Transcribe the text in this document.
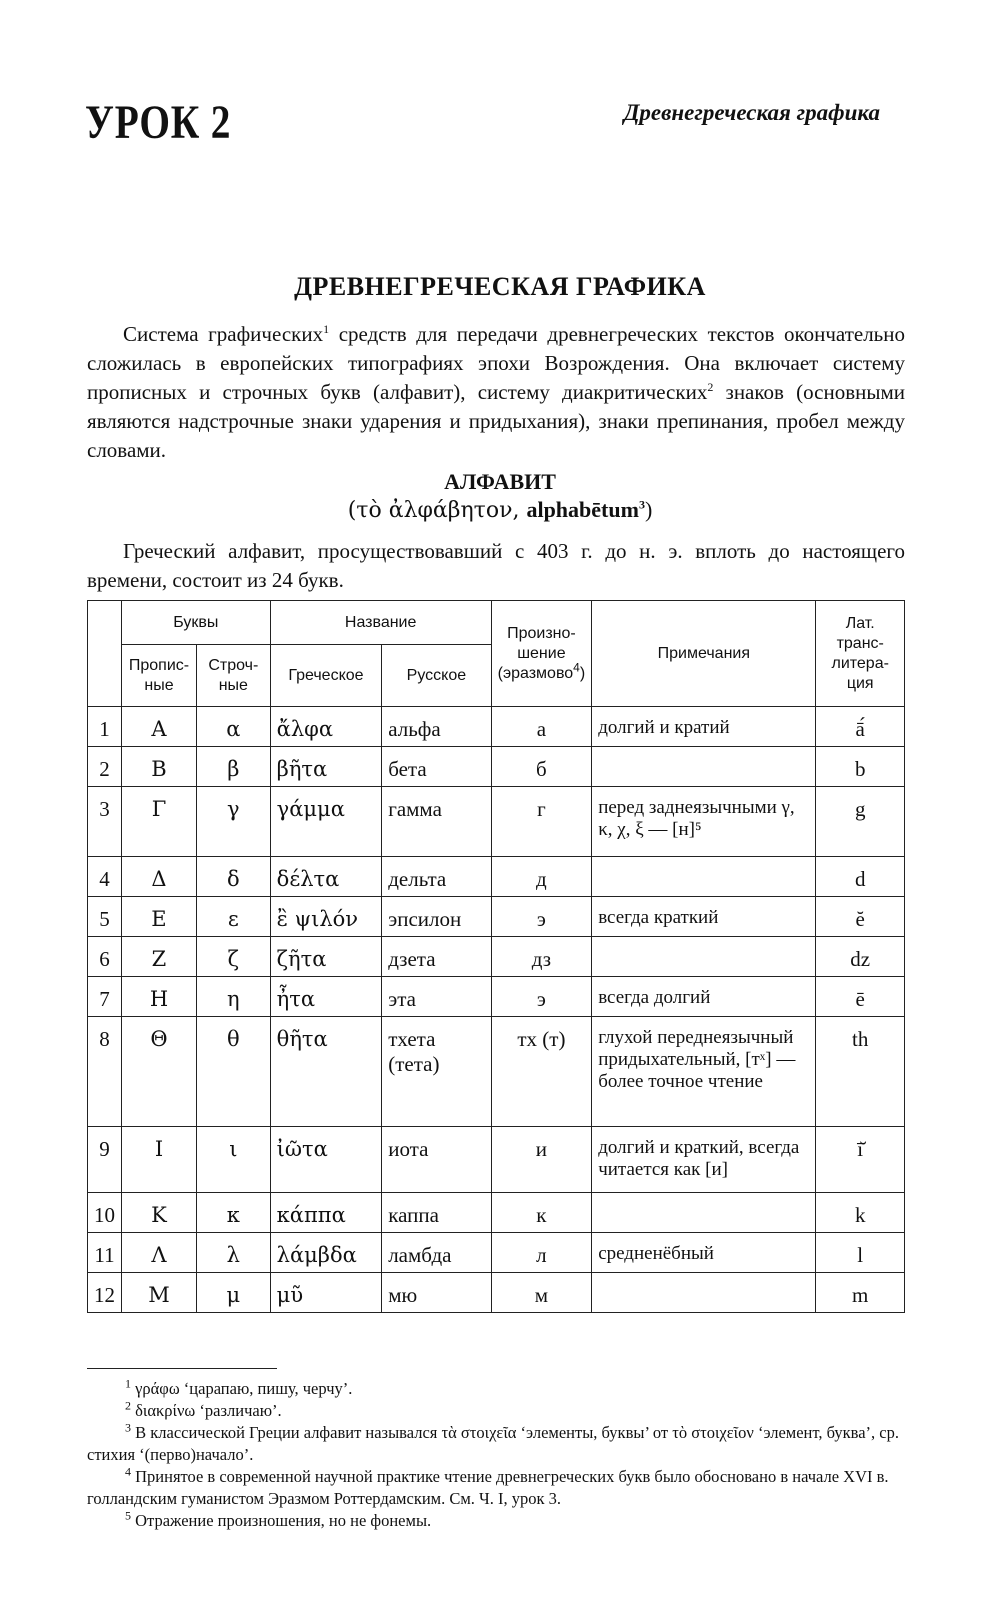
УРОК 2	Древнегреческая графика
ДРЕВНЕГРЕЧЕСКАЯ ГРАФИКА
Система графических$^1$ средств для передачи древнегреческих текстов окончательно сложилась в европейских типографиях эпохи Возрождения. Она включает систему прописных и строчных букв (алфавит), систему диакритических$^2$ знаков (основными являются надстрочные знаки ударения и придыхания), знаки препинания, пробел между словами.
АЛФАВИТ
(τὸ ἀλφάβητον, alphabētum$^3$)
Греческий алфавит, просуществовавший с 403 г. до н. э. вплоть до настоящего времени, состоит из 24 букв.
	Буквы		Название		Произно-шение (эразмово$^4$)	Примечания	Лат. транс-литера-ция
	Пропис-ные	Строч-ные	Греческое	Русское			
1	Α	α	ἄλφα	альфа	а	долгий и кратий	ā́
2	Β	β	βῆτα	бета	б		b
3	Γ	γ	γάμμα	гамма	г	перед заднеязычными γ, κ, χ, ξ — [н]⁵	g
4	Δ	δ	δέλτα	дельта	д		d
5	Ε	ε	ἒ ψιλόν	эпсилон	э	всегда краткий	ĕ
6	Ζ	ζ	ζῆτα	дзета	дз		dz
7	Η	η	ἦτα	эта	э	всегда долгий	ē
8	Θ	θ	θῆτα	тхета (тета)	тх (т)	глухой переднеязычный придыхательный, [тˣ] — более точное чтение	th
9	Ι	ι	ἰῶτα	иота	и	долгий и краткий, всегда читается как [и]	ī̆
10	Κ	κ	κάππα	каппа	к		k
11	Λ	λ	λάμβδα	ламбда	л	средненёбный	l
12	Μ	μ	μῦ	мю	м		m

$^1$ γράφω ‘царапаю, пишу, черчу’.

$^2$ διακρίνω ‘различаю’.

$^3$ В классической Греции алфавит назывался τὰ στοιχεῖα ‘элементы, буквы’ от τὸ στοιχεῖον ‘элемент, буква’, ср. стихия ‘(перво)начало’.

$^4$ Принятое в современной научной практике чтение древнегреческих букв было обосновано в начале XVI в. голландским гуманистом Эразмом Роттердамским. См. Ч. I, урок 3.

$^5$ Отражение произношения, но не фонемы.
